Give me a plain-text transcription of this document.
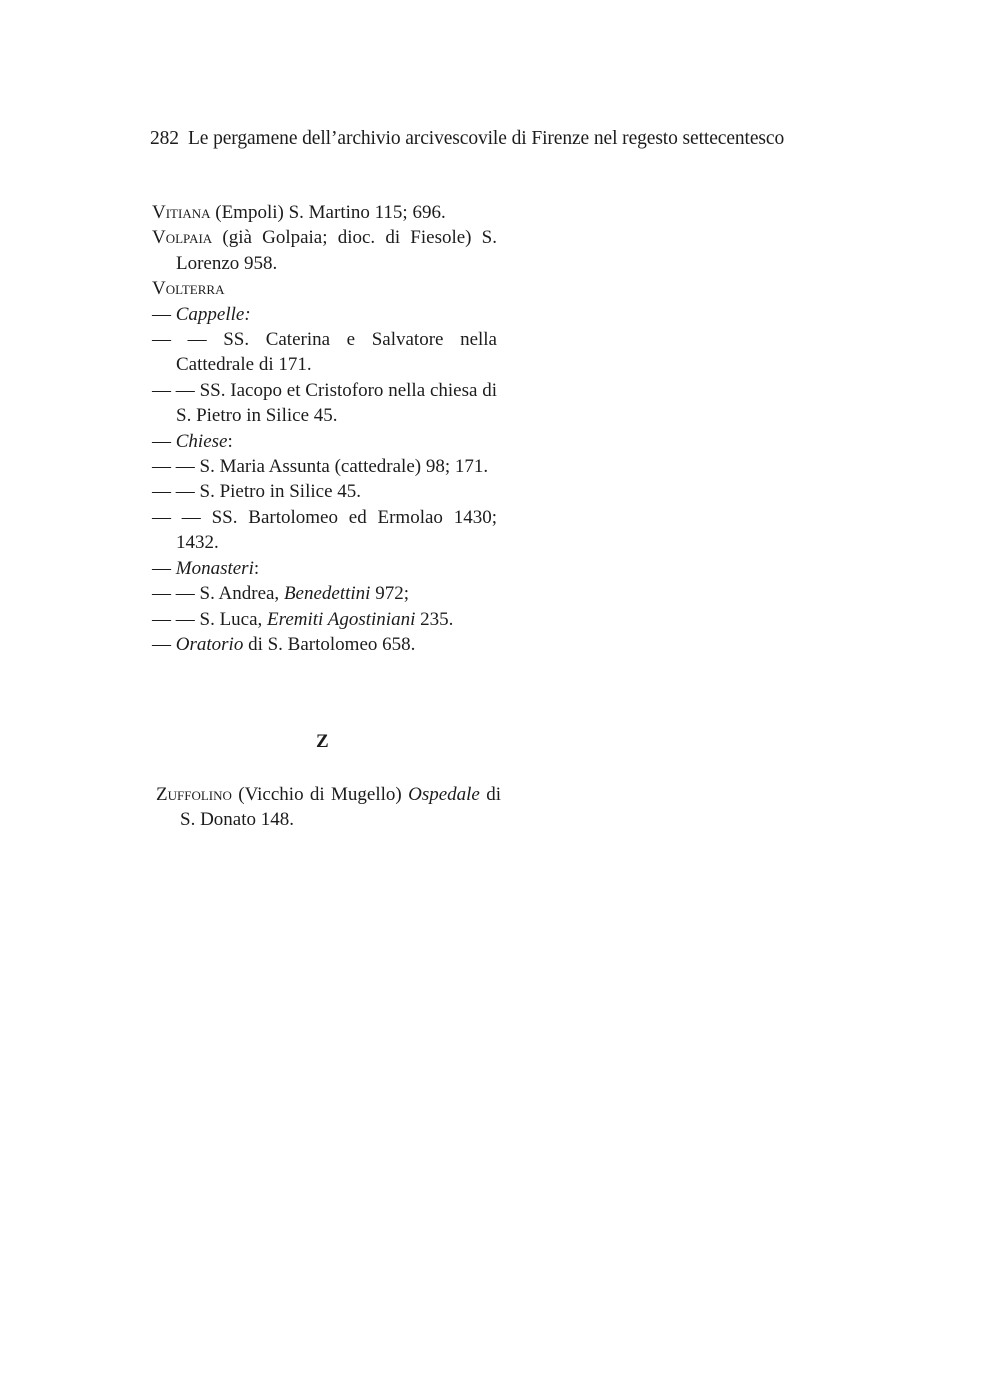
282 Le pergamene dell’archivio arcivescovile di Firenze nel regesto settecentesco
Vitiana (Empoli) S. Martino 115; 696.
Volpaia (già Golpaia; dioc. di Fiesole) S. Lorenzo 958.
Volterra
— Cappelle:
— — SS. Caterina e Salvatore nella Cattedrale di 171.
— — SS. Iacopo et Cristoforo nella chiesa di S. Pietro in Silice 45.
— Chiese:
— — S. Maria Assunta (cattedrale) 98; 171.
— — S. Pietro in Silice 45.
— — SS. Bartolomeo ed Ermolao 1430; 1432.
— Monasteri:
— — S. Andrea, Benedettini 972;
— — S. Luca, Eremiti Agostiniani 235.
— Oratorio di S. Bartolomeo 658.
Z
Zuffolino (Vicchio di Mugello) Ospedale di S. Donato 148.
